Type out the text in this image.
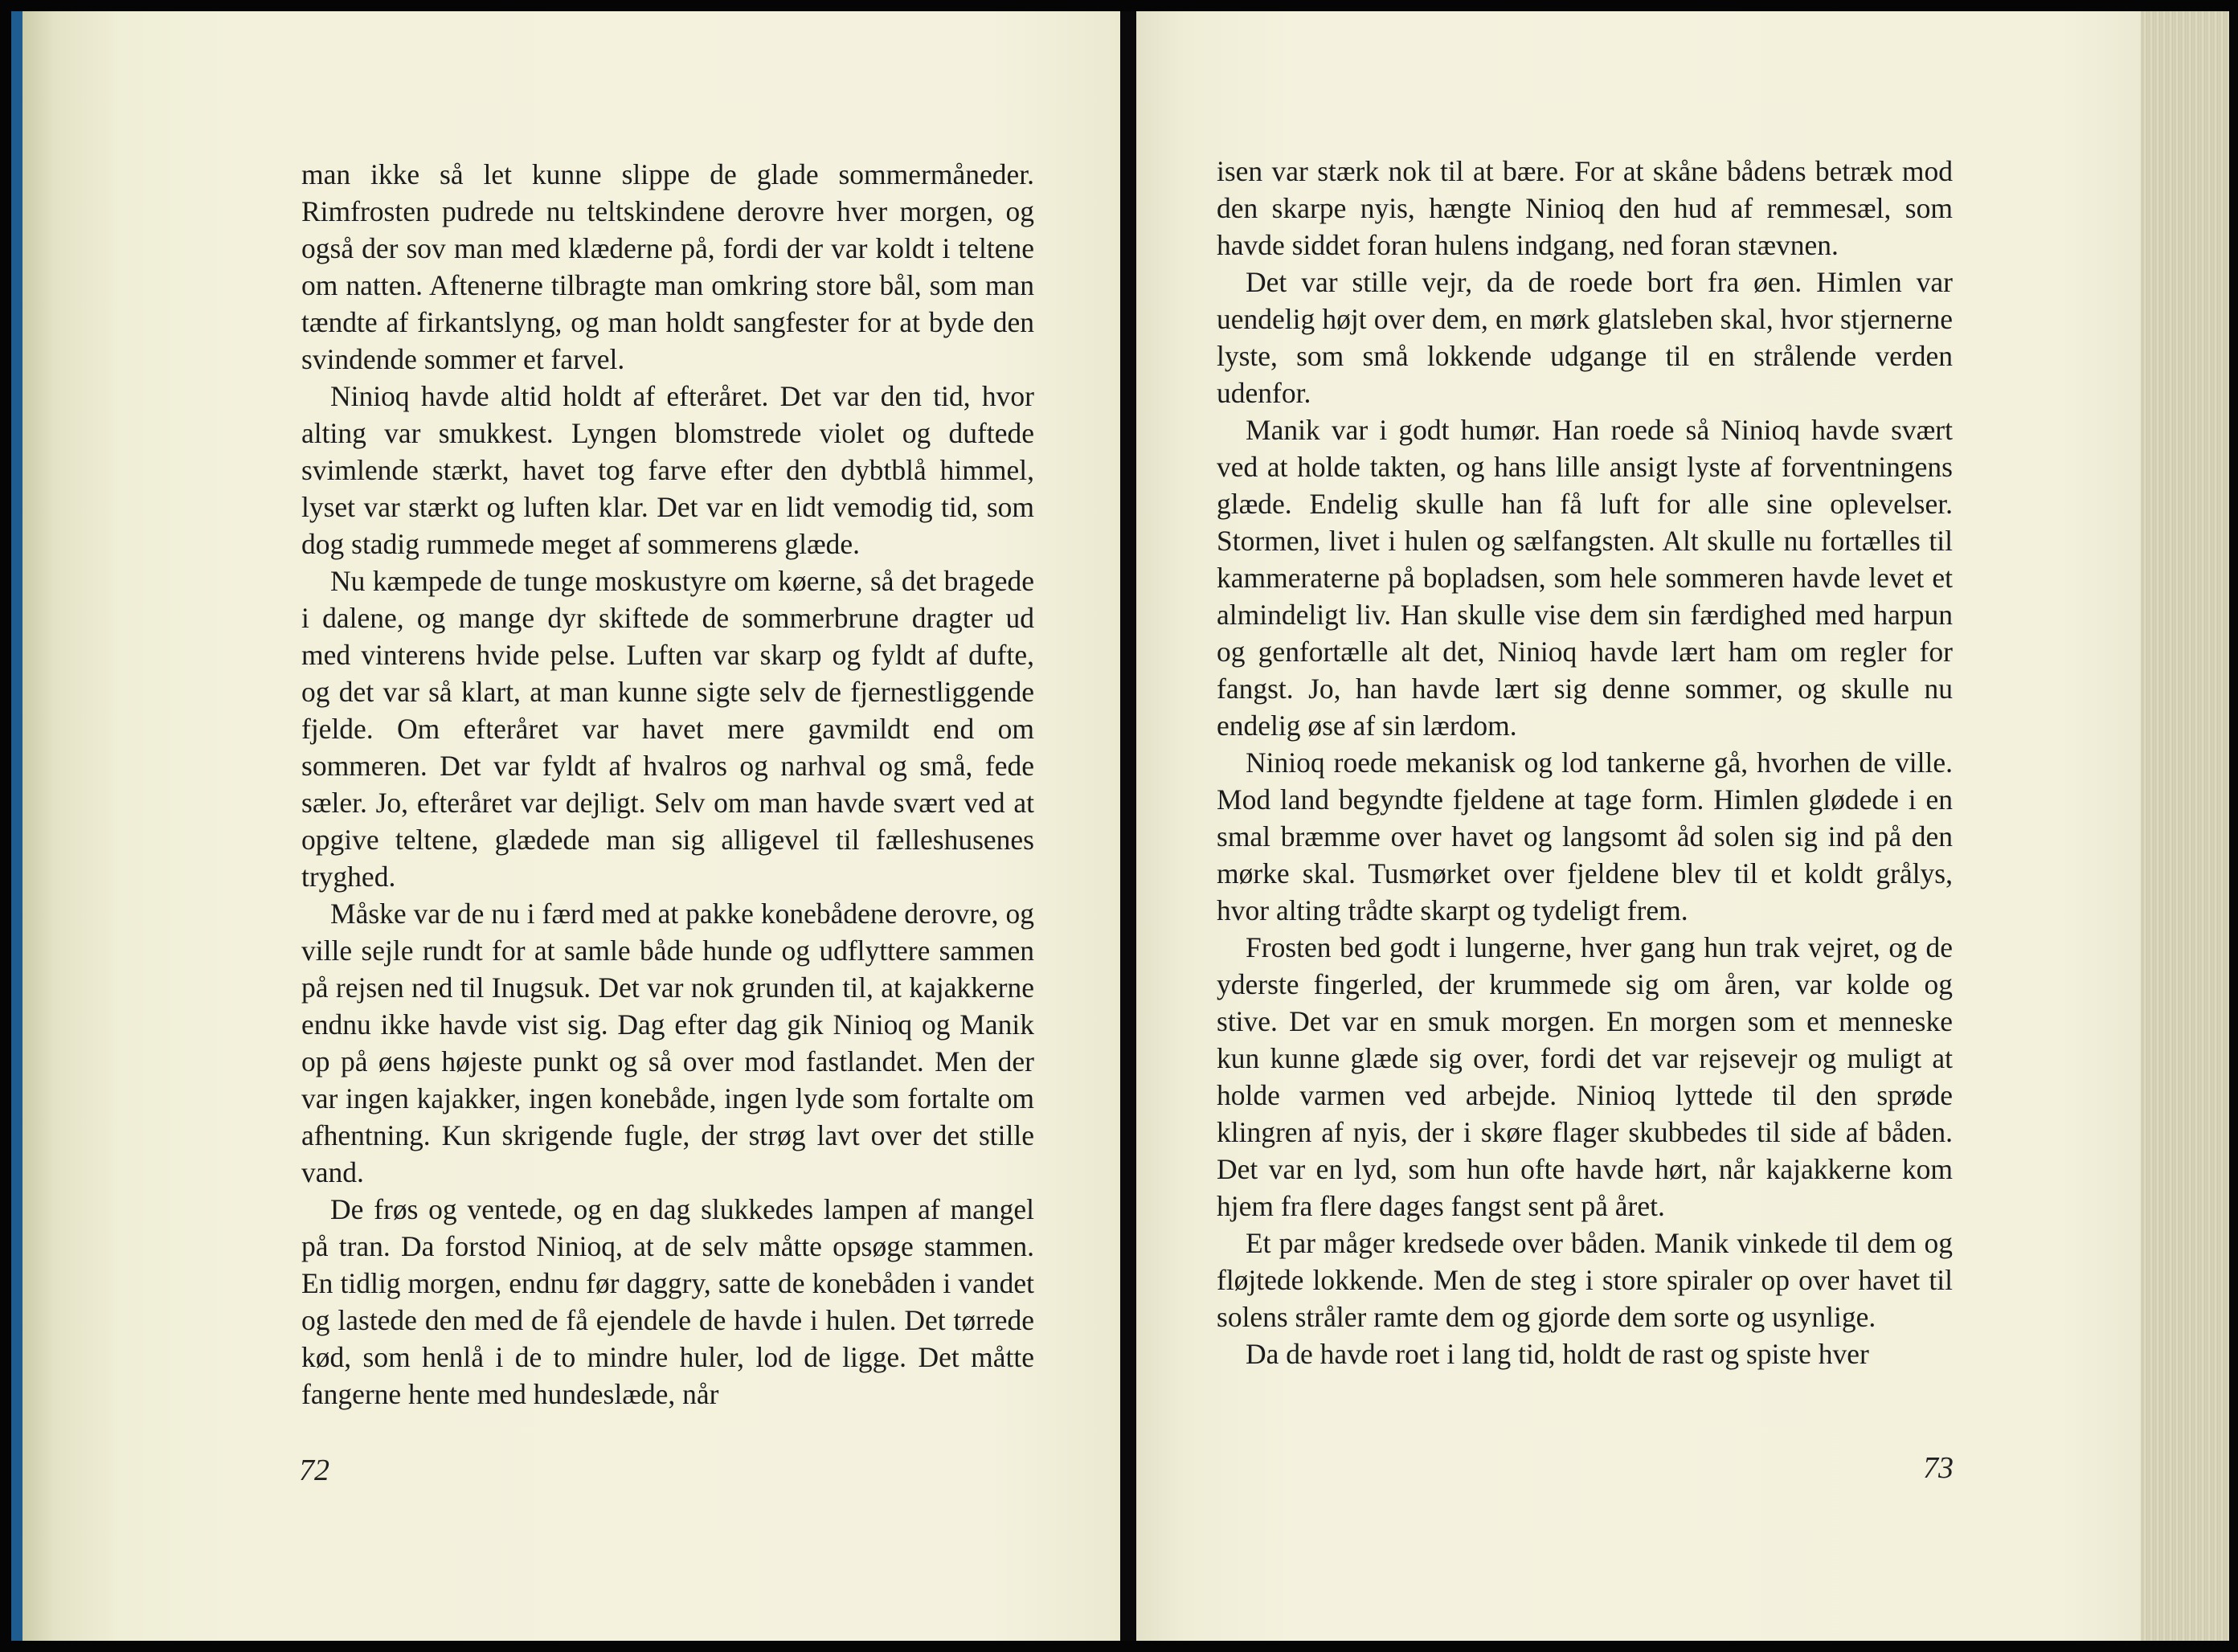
man ikke så let kunne slippe de glade sommermåneder. Rimfrosten pudrede nu teltskindene derovre hver morgen, og også der sov man med klæderne på, fordi der var koldt i teltene om natten. Aftenerne tilbragte man omkring store bål, som man tændte af firkantslyng, og man holdt sangfester for at byde den svindende sommer et farvel.

Ninioq havde altid holdt af efteråret. Det var den tid, hvor alting var smukkest. Lyngen blomstrede violet og duftede svimlende stærkt, havet tog farve efter den dybtblå himmel, lyset var stærkt og luften klar. Det var en lidt vemodig tid, som dog stadig rummede meget af sommerens glæde.

Nu kæmpede de tunge moskustyre om køerne, så det bragede i dalene, og mange dyr skiftede de sommerbrune dragter ud med vinterens hvide pelse. Luften var skarp og fyldt af dufte, og det var så klart, at man kunne sigte selv de fjernestliggende fjelde. Om efteråret var havet mere gavmildt end om sommeren. Det var fyldt af hvalros og narhval og små, fede sæler. Jo, efteråret var dejligt. Selv om man havde svært ved at opgive teltene, glædede man sig alligevel til fælleshusenes tryghed.

Måske var de nu i færd med at pakke konebådene derovre, og ville sejle rundt for at samle både hunde og udflyttere sammen på rejsen ned til Inugsuk. Det var nok grunden til, at kajakkerne endnu ikke havde vist sig. Dag efter dag gik Ninioq og Manik op på øens højeste punkt og så over mod fastlandet. Men der var ingen kajakker, ingen konebåde, ingen lyde som fortalte om afhentning. Kun skrigende fugle, der strøg lavt over det stille vand.

De frøs og ventede, og en dag slukkedes lampen af mangel på tran. Da forstod Ninioq, at de selv måtte opsøge stammen. En tidlig morgen, endnu før daggry, satte de konebåden i vandet og lastede den med de få ejendele de havde i hulen. Det tørrede kød, som henlå i de to mindre huler, lod de ligge. Det måtte fangerne hente med hundeslæde, når

72

isen var stærk nok til at bære. For at skåne bådens betræk mod den skarpe nyis, hængte Ninioq den hud af remmesæl, som havde siddet foran hulens indgang, ned foran stævnen.

Det var stille vejr, da de roede bort fra øen. Himlen var uendelig højt over dem, en mørk glatsleben skal, hvor stjernerne lyste, som små lokkende udgange til en strålende verden udenfor.

Manik var i godt humør. Han roede så Ninioq havde svært ved at holde takten, og hans lille ansigt lyste af forventningens glæde. Endelig skulle han få luft for alle sine oplevelser. Stormen, livet i hulen og sælfangsten. Alt skulle nu fortælles til kammeraterne på bopladsen, som hele sommeren havde levet et almindeligt liv. Han skulle vise dem sin færdighed med harpun og genfortælle alt det, Ninioq havde lært ham om regler for fangst. Jo, han havde lært sig denne sommer, og skulle nu endelig øse af sin lærdom.

Ninioq roede mekanisk og lod tankerne gå, hvorhen de ville. Mod land begyndte fjeldene at tage form. Himlen glødede i en smal bræmme over havet og langsomt åd solen sig ind på den mørke skal. Tusmørket over fjeldene blev til et koldt grålys, hvor alting trådte skarpt og tydeligt frem.

Frosten bed godt i lungerne, hver gang hun trak vejret, og de yderste fingerled, der krummede sig om åren, var kolde og stive. Det var en smuk morgen. En morgen som et menneske kun kunne glæde sig over, fordi det var rejsevejr og muligt at holde varmen ved arbejde. Ninioq lyttede til den sprøde klingren af nyis, der i skøre flager skubbedes til side af båden. Det var en lyd, som hun ofte havde hørt, når kajakkerne kom hjem fra flere dages fangst sent på året.

Et par måger kredsede over båden. Manik vinkede til dem og fløjtede lokkende. Men de steg i store spiraler op over havet til solens stråler ramte dem og gjorde dem sorte og usynlige.

Da de havde roet i lang tid, holdt de rast og spiste hver

73
